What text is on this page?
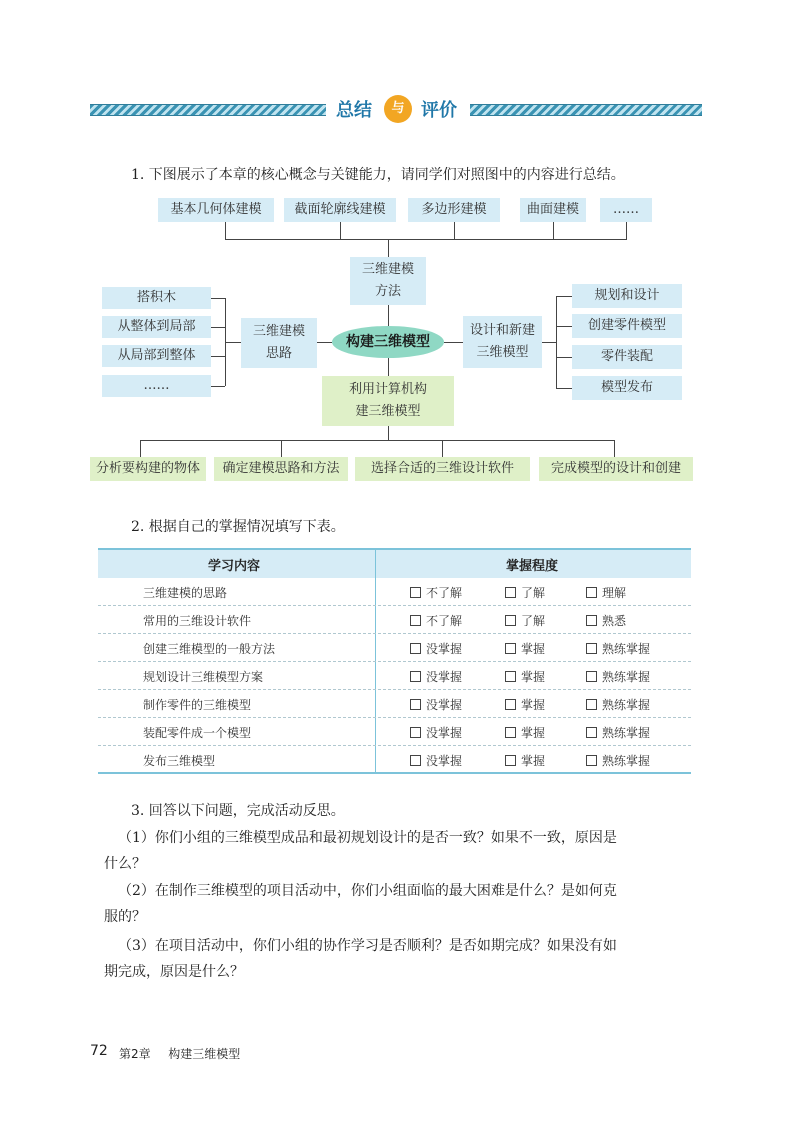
总结	与 评价
1. 下图展示了本章的核心概念与关键能力，请同学们对照图中的内容进行总结。
基本几何体建模	截面轮廓线建模	多边形建模	曲面建模	……
三维建模方法
构建三维模型
三维建模思路
搭积木
从整体到局部
从局部到整体
……
设计和新建三维模型
规划和设计
创建零件模型
零件装配
模型发布
利用计算机构建三维模型
分析要构建的物体	确定建模思路和方法	选择合适的三维设计软件	完成模型的设计和创建
2. 根据自己的掌握情况填写下表。
学习内容	掌握程度
三维建模的思路	不了解	了解	理解
常用的三维设计软件	不了解	了解	熟悉
创建三维模型的一般方法	没掌握	掌握	熟练掌握
规划设计三维模型方案	没掌握	掌握	熟练掌握
制作零件的三维模型	没掌握	掌握	熟练掌握
装配零件成一个模型	没掌握	掌握	熟练掌握
发布三维模型	没掌握	掌握	熟练掌握
3. 回答以下问题，完成活动反思。
（1）你们小组的三维模型成品和最初规划设计的是否一致？如果不一致，原因是
什么？
（2）在制作三维模型的项目活动中，你们小组面临的最大困难是什么？是如何克
服的？
（3）在项目活动中，你们小组的协作学习是否顺利？是否如期完成？如果没有如
期完成，原因是什么？
72 第2章 构建三维模型
